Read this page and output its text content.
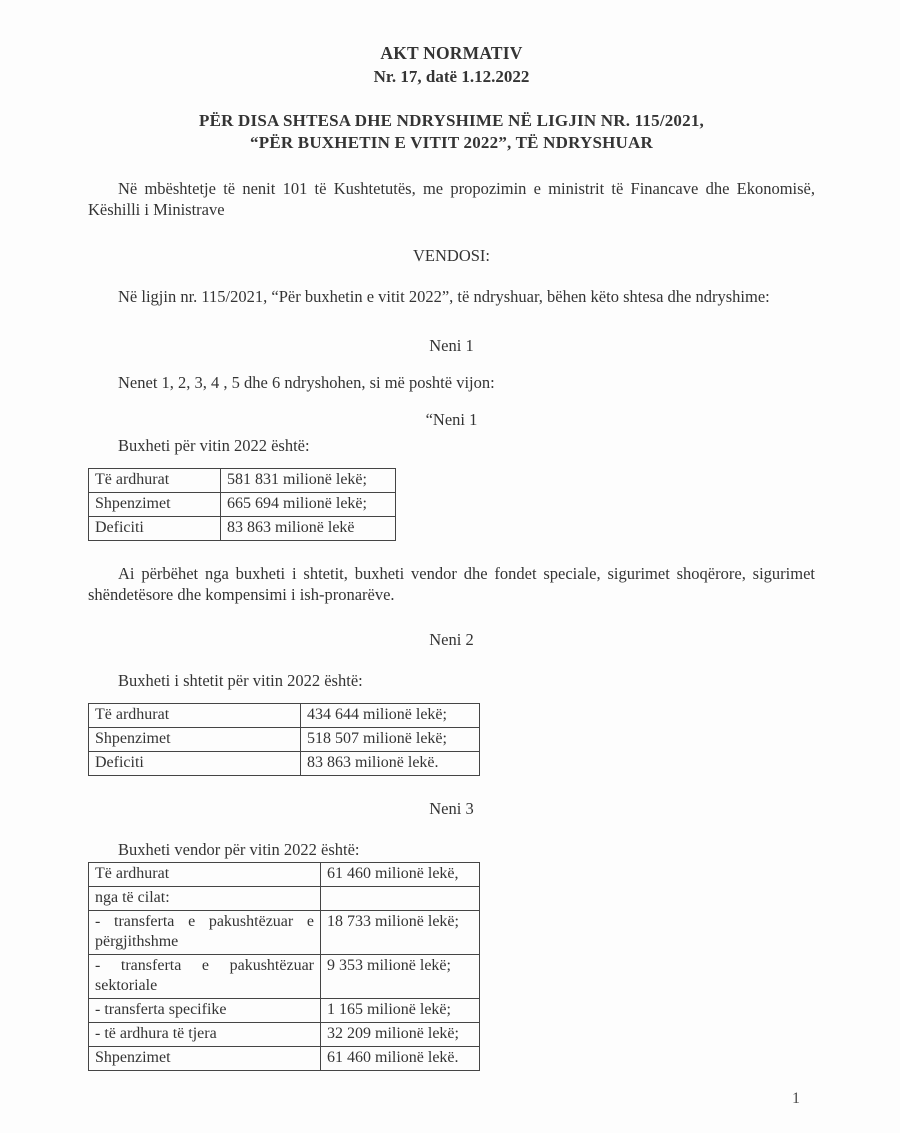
AKT NORMATIV
Nr. 17, datë 1.12.2022
PËR DISA SHTESA DHE NDRYSHIME NË LIGJIN NR. 115/2021,
“PËR BUXHETIN E VITIT 2022”, TË NDRYSHUAR

Në mbështetje të nenit 101 të Kushtetutës, me propozimin e ministrit të Financave dhe Ekonomisë, Këshilli i Ministrave

VENDOSI:

Në ligjin nr. 115/2021, “Për buxhetin e vitit 2022”, të ndryshuar, bëhen këto shtesa dhe ndryshime:

Neni 1

Nenet 1, 2, 3, 4 , 5 dhe 6 ndryshohen, si më poshtë vijon:

“Neni 1

Buxheti për vitin 2022 është:

Të ardhurat	581 831 milionë lekë;
Shpenzimet	665 694 milionë lekë;
Deficiti	83 863 milionë lekë

Ai përbëhet nga buxheti i shtetit, buxheti vendor dhe fondet speciale, sigurimet shoqërore, sigurimet shëndetësore dhe kompensimi i ish-pronarëve.

Neni 2

Buxheti i shtetit për vitin 2022 është:

Të ardhurat	434 644 milionë lekë;
Shpenzimet	518 507 milionë lekë;
Deficiti	83 863 milionë lekë.
Neni 3

Buxheti vendor për vitin 2022 është:

Të ardhurat	61 460 milionë lekë,
nga të cilat:	
- transferta e pakushtëzuar e përgjithshme	18 733 milionë lekë;
- transferta e pakushtëzuar sektoriale	9 353 milionë lekë;
- transferta specifike	1 165 milionë lekë;
- të ardhura të tjera	32 209 milionë lekë;
Shpenzimet	61 460 milionë lekë.
1
